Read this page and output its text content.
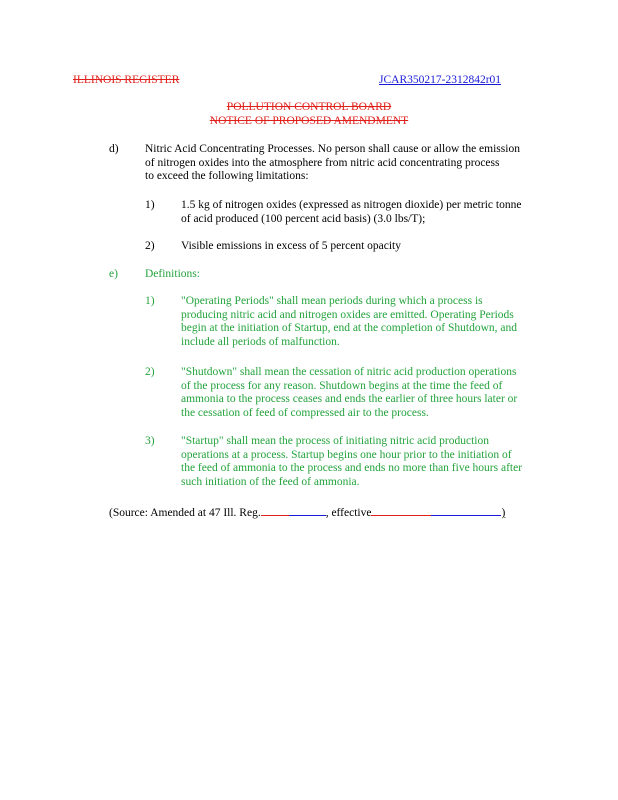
ILLINOIS REGISTER	JCAR350217-2312842r01
POLLUTION CONTROL BOARD
NOTICE OF PROPOSED AMENDMENT
d) Nitric Acid Concentrating Processes. No person shall cause or allow the emission
of nitrogen oxides into the atmosphere from nitric acid concentrating process
to exceed the following limitations:
1) 1.5 kg of nitrogen oxides (expressed as nitrogen dioxide) per metric tonne
of acid produced (100 percent acid basis) (3.0 lbs/T);
2) Visible emissions in excess of 5 percent opacity
e) Definitions:
1) "Operating Periods" shall mean periods during which a process is
producing nitric acid and nitrogen oxides are emitted. Operating Periods
begin at the initiation of Startup, end at the completion of Shutdown, and
include all periods of malfunction.
2) "Shutdown" shall mean the cessation of nitric acid production operations
of the process for any reason. Shutdown begins at the time the feed of
ammonia to the process ceases and ends the earlier of three hours later or
the cessation of feed of compressed air to the process.
3) "Startup" shall mean the process of initiating nitric acid production
operations at a process. Startup begins one hour prior to the initiation of
the feed of ammonia to the process and ends no more than five hours after
such initiation of the feed of ammonia.
(Source: Amended at 47 Ill. Reg.	, effective	)
